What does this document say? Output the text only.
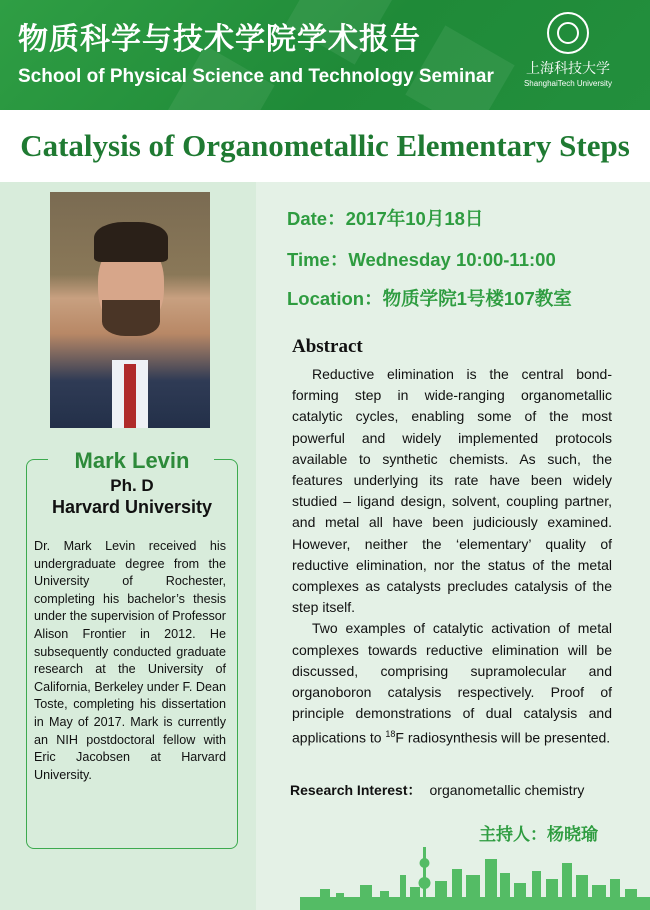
物质科学与技术学院学术报告
School of Physical Science and Technology Seminar	上海科技大学
ShanghaiTech University
Catalysis of Organometallic Elementary Steps
Mark Levin
Ph. D
Harvard University

Dr. Mark Levin received his undergraduate degree from the University of Rochester, completing his bachelor’s thesis under the supervision of Professor Alison Frontier in 2012. He subsequently conducted graduate research at the University of California, Berkeley under F. Dean Toste, completing his dissertation in May of 2017. Mark is currently an NIH postdoctoral fellow with Eric Jacobsen at Harvard University.

Date：2017年10月18日
Time：Wednesday 10:00-11:00
Location：物质学院1号楼107教室
Abstract

Reductive elimination is the central bond-forming step in wide-ranging organometallic catalytic cycles, enabling some of the most powerful and widely implemented protocols available to synthetic chemists. As such, the features underlying its rate have been widely studied – ligand design, solvent, coupling partner, and metal all have been judiciously examined. However, neither the ‘elementary’ quality of reductive elimination, nor the status of the metal complexes as catalysts precludes catalysis of the step itself.

Two examples of catalytic activation of metal complexes towards reductive elimination will be discussed, comprising supramolecular and organoboron catalysis respectively. Proof of principle demonstrations of dual catalysis and applications to $^{18}$F radiosynthesis will be presented.

Research Interest： organometallic chemistry
主持人：杨晓瑜
